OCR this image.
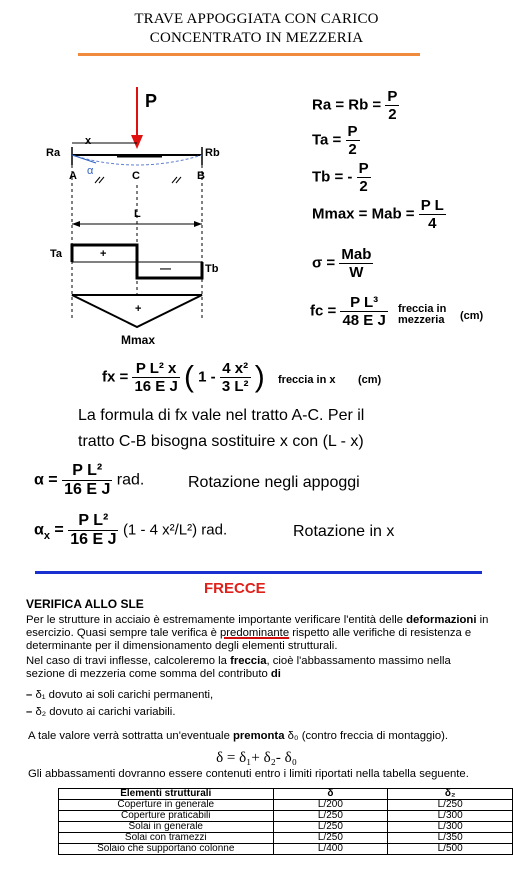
TRAVE APPOGGIATA CON CARICO
CONCENTRATO IN MEZZERIA
P
Ra	Rb
x
α
A	C	B
L
Ta
Tb
+
—
+
Mmax
$Ra = Rb = \frac{P}{2}$
$Ta = \frac{P}{2}$
Tb = - $\frac{P}{2}$
Mmax = Mab = $\frac{\text{P L}}{4}$
$\sigma = \frac{\text{Mab}}{W}$
fc = $\frac{\text{P L³}}{\text{48 E J}}$ freccia in
mezzeria (cm)
fx = $\frac{\text{P L² x}}{\text{16 E J}}$ ( $1 - \frac{\text{4 x²}}{\text{3 L²}}$ ) freccia in x (cm)
La formula di fx vale nel tratto A-C. Per il
tratto C-B bisogna sostituire x con (L - x)
$\alpha = \frac{\text{P L²}}{\text{16 E J}}$ rad.	Rotazione negli appoggi
$\alpha_x = \frac{\text{P L²}}{\text{16 E J}} (1 - 4$ x²/L²) rad.	Rotazione in x
FRECCE
VERIFICA ALLO SLE
Per le strutture in acciaio è estremamente importante verificare l'entità delle deformazioni in esercizio. Quasi sempre tale verifica è predominante rispetto alle verifiche di resistenza e determinante per il dimensionamento degli elementi strutturali.
Nel caso di travi inflesse, calcoleremo la freccia, cioè l'abbassamento massimo nella sezione di mezzeria come somma del contributo di
– δ₁ dovuto ai soli carichi permanenti,
– δ₂ dovuto ai carichi variabili.
A tale valore verrà sottratta un'eventuale premonta δ₀ (contro freccia di montaggio).
δ = δ₁+ δ₂- δ₀
Gli abbassamenti dovranno essere contenuti entro i limiti riportati nella tabella seguente.
Elementi strutturali	δ	δ₂
Coperture in generale	L/200	L/250
Coperture praticabili	L/250	L/300
Solai in generale	L/250	L/300
Solai con tramezzi	L/250	L/350
Solaio che supportano colonne	L/400	L/500
